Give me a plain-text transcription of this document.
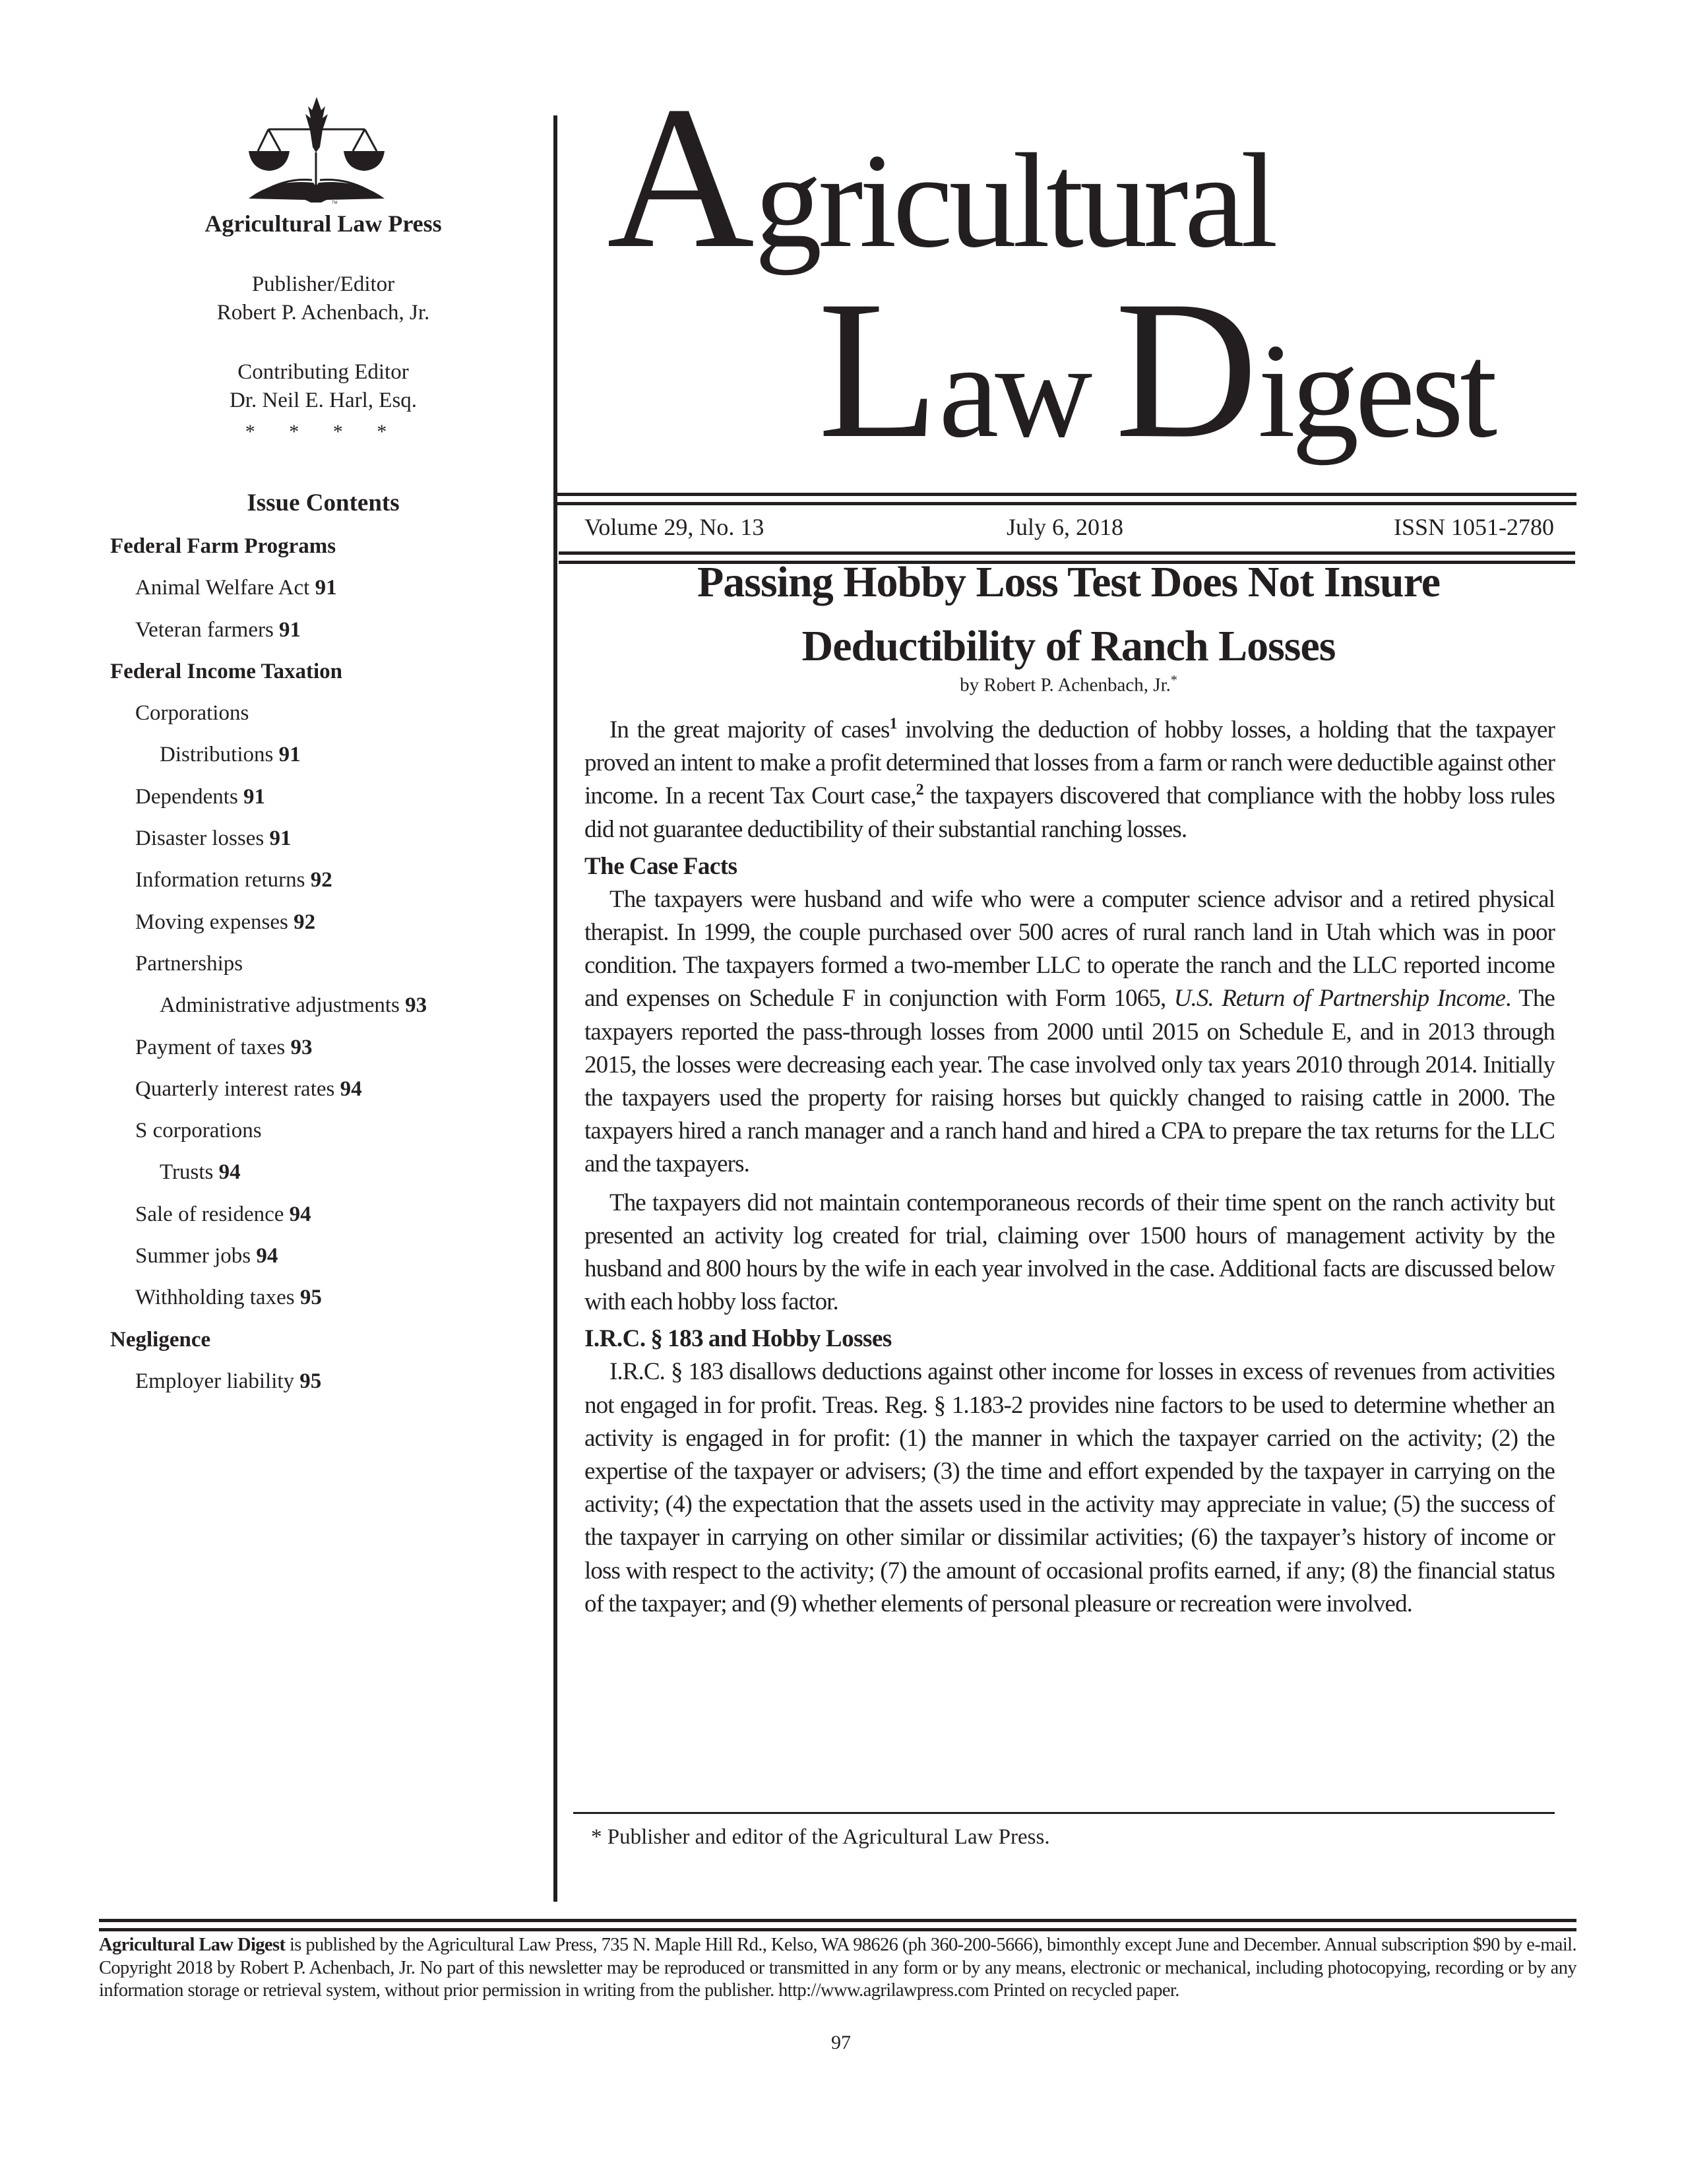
TM
Agricultural Law Press
Publisher/Editor
Robert P. Achenbach, Jr.
Contributing Editor
Dr. Neil E. Harl, Esq.
* * * *
Issue Contents
Federal Farm Programs
Animal Welfare Act 91
Veteran farmers 91
Federal Income Taxation
Corporations
Distributions 91
Dependents 91
Disaster losses 91
Information returns 92
Moving expenses 92
Partnerships
Administrative adjustments 93
Payment of taxes 93
Quarterly interest rates 94
S corporations
Trusts 94
Sale of residence 94
Summer jobs 94
Withholding taxes 95
Negligence
Employer liability 95
Agricultural
Law Digest
Volume 29, No. 13	July 6, 2018	ISSN 1051-2780
Passing Hobby Loss Test Does Not Insure
Deductibility of Ranch Losses
by Robert P. Achenbach, Jr.*

In the great majority of cases$^1$ involving the deduction of hobby losses, a holding that the taxpayer proved an intent to make a profit determined that losses from a farm or ranch were deductible against other income. In a recent Tax Court case,$^2$ the taxpayers discovered that compliance with the hobby loss rules did not guarantee deductibility of their substantial ranching losses.

The Case Facts

The taxpayers were husband and wife who were a computer science advisor and a retired physical therapist. In 1999, the couple purchased over 500 acres of rural ranch land in Utah which was in poor condition. The taxpayers formed a two-member LLC to operate the ranch and the LLC reported income and expenses on Schedule F in conjunction with Form 1065, U.S. Return of Partnership Income. The taxpayers reported the pass-through losses from 2000 until 2015 on Schedule E, and in 2013 through 2015, the losses were decreasing each year. The case involved only tax years 2010 through 2014. Initially the taxpayers used the property for raising horses but quickly changed to raising cattle in 2000. The taxpayers hired a ranch manager and a ranch hand and hired a CPA to prepare the tax returns for the LLC and the taxpayers.

The taxpayers did not maintain contemporaneous records of their time spent on the ranch activity but presented an activity log created for trial, claiming over 1500 hours of management activity by the husband and 800 hours by the wife in each year involved in the case. Additional facts are discussed below with each hobby loss factor.

I.R.C. § 183 and Hobby Losses

I.R.C. § 183 disallows deductions against other income for losses in excess of revenues from activities not engaged in for profit. Treas. Reg. § 1.183-2 provides nine factors to be used to determine whether an activity is engaged in for profit: (1) the manner in which the taxpayer carried on the activity; (2) the expertise of the taxpayer or advisers; (3) the time and effort expended by the taxpayer in carrying on the activity; (4) the expectation that the assets used in the activity may appreciate in value; (5) the success of the taxpayer in carrying on other similar or dissimilar activities; (6) the taxpayer’s history of income or loss with respect to the activity; (7) the amount of occasional profits earned, if any; (8) the financial status of the taxpayer; and (9) whether elements of personal pleasure or recreation were involved.

* Publisher and editor of the Agricultural Law Press.
Agricultural Law Digest is published by the Agricultural Law Press, 735 N. Maple Hill Rd., Kelso, WA 98626 (ph 360-200-5666), bimonthly except June and December. Annual subscription $90 by e-mail. Copyright 2018 by Robert P. Achenbach, Jr. No part of this newsletter may be reproduced or transmitted in any form or by any means, electronic or mechanical, including photocopying, recording or by any information storage or retrieval system, without prior permission in writing from the publisher. http://www.agrilawpress.com Printed on recycled paper.
97
